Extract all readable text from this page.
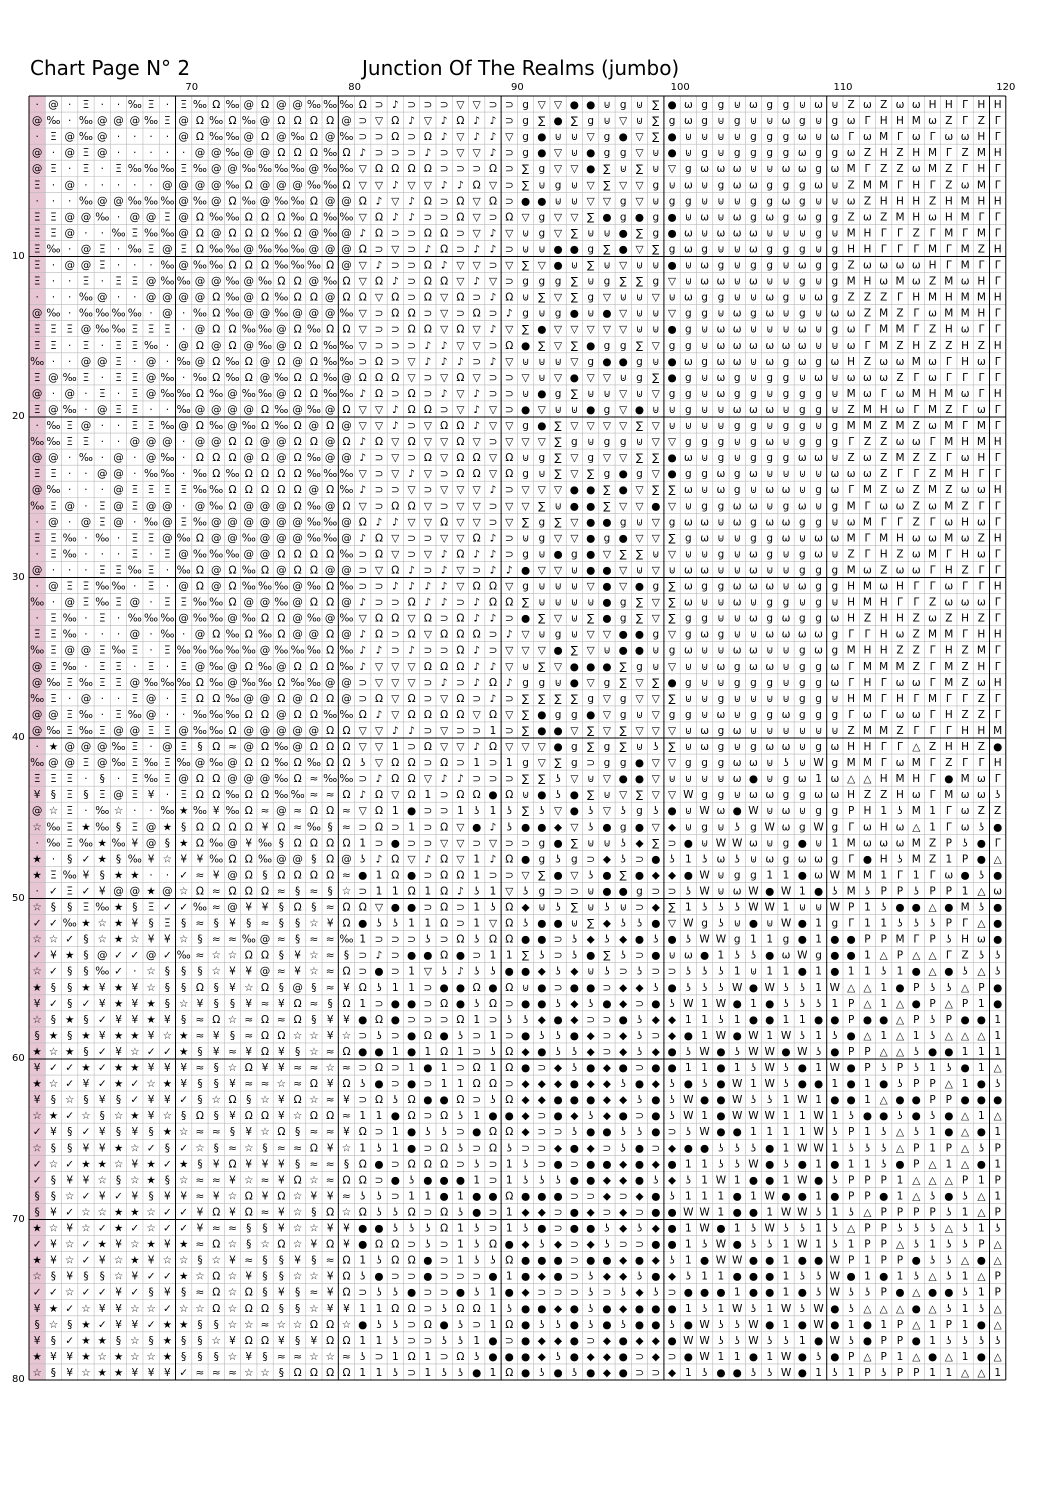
Chart Page N° 2	Junction Of The Realms (jumbo)
70	80	90	100	110	120
10
20
30
40
50
60
70
80
· @ · Ξ · · ‰ Ξ · Ξ ‰ Ω ‰ @ Ω @ @ ‰ ‰ ‰ Ω ⊃ ♪ ⊃ ⊃ ⊃ ▽ ▽ ⊃ ⊃ g ▽ ▽ ● ● ⊍ g ⊍ ∑ ● ω g g ⊍ ω g g ⊍ ω ⊍ Z ω Z ω ω H H Γ H H
@ ‰ · ‰ @ @ @ ‰ Ξ @ Ω ‰ Ω ‰ @ Ω Ω Ω Ω @ ⊃ ▽ Ω ♪ ▽ ♪ Ω ♪ ♪ ⊃ g ∑ ● ∑ g ⊍ ▽ ⊍ ∑ g ω g ⊍ g ⊍ ⊍ ω g ⊍ g ω Γ H H M ω Z Γ Z Γ
· Ξ @ ‰ @ · · · · @ Ω ‰ ‰ @ Ω @ ‰ Ω @ ‰ ⊃ ⊃ Ω ⊃ Ω ♪ ▽ ♪ ♪ ▽ g ● ⊍ ⊍ ▽ g ● ▽ ∑ ● ⊍ ⊍ ⊍ ⊍ g g g ω ⊍ ω Γ ω M Γ ω Γ ω ω H Γ
@ · @ Ξ @ · · · · · @ @ ‰ @ @ Ω Ω Ω ‰ Ω ♪ ⊃ ⊃ ⊃ ♪ ⊃ ▽ ▽ ♪ ⊃ g ● ▽ ⊍ ● g g ▽ ⊍ ● ⊍ g ⊍ g g g g ω g g ω Z H Z H M Γ Z M H
@ Ξ · Ξ · Ξ ‰ ‰ ‰ Ξ ‰ @ @ ‰ ‰ ‰ ‰ @ ‰ ‰ ▽ Ω Ω Ω Ω ⊃ ⊃ ⊃ Ω ⊃ ∑ g ▽ ▽ ● ∑ ⊍ ∑ ⊍ ▽ g ω ω ω ⊍ ⊍ ω ω g ω M Γ Z Z ω M Z Γ H Γ
Ξ · @ · · · · · @ @ @ @ ‰ Ω @ @ @ ‰ ‰ Ω ▽ ▽ ♪ ▽ ▽ ♪ ♪ Ω ▽ ⊃ ∑ ⊍ g ⊍ ▽ ∑ ▽ ▽ g ⊍ ω ⊍ g ω ω g g g ω ⊍ Z M M Γ H Γ Z ω M Γ
· · · ‰ @ @ ‰ ‰ ‰ @ ‰ @ Ω ‰ @ ‰ ‰ Ω @ @ Ω ♪ ▽ ♪ Ω ⊃ Ω ▽ Ω ⊃ ● ● ⊍ ⊍ ▽ ▽ g ▽ ⊍ g g ⊍ ⊍ ⊍ g g ω g ⊍ ⊍ ω Z H H H Z H M H H
Ξ Ξ @ @ ‰ · @ @ Ξ @ Ω ‰ ‰ Ω Ω Ω ‰ Ω ‰ ‰ ▽ Ω ♪ ♪ ⊃ ⊃ Ω ▽ ⊃ Ω ▽ g ▽ ▽ ∑ ● g ● g ● ⊍ ω ⊍ ω g ω g ω g g Z ω Z M H ω H M Γ Γ
Ξ Ξ @ · · ‰ Ξ ‰ ‰ @ Ω @ Ω Ω Ω ‰ Ω @ ‰ @ ♪ Ω ⊃ ⊃ Ω Ω ⊃ ▽ ♪ ▽ ⊍ g ▽ ∑ ⊍ ⊍ ● ∑ g ● ω ⊍ ω ω ω ⊍ ⊍ ⊍ g ⊍ M H Γ Γ Z Γ M Γ M Γ
Ξ ‰ · @ Ξ · ‰ Ξ @ Ξ Ω ‰ ‰ @ ‰ ‰ ‰ @ @ @ Ω ⊃ ▽ ⊃ ♪ Ω ⊃ ♪ ♪ ⊃ ⊍ ⊍ ● ● g ∑ ● ▽ ∑ g ω g ⊍ ⊍ ω g g g ⊍ g H H Γ Γ Γ M Γ M Z H
Ξ · @ @ Ξ · · · ‰ @ ‰ ‰ Ω Ω Ω ‰ ‰ ‰ Ω @ ▽ ♪ ⊃ ⊃ Ω ♪ ▽ ▽ ⊃ ▽ ∑ ▽ ● ⊍ ∑ ⊍ ▽ ⊍ ⊍ ● ⊍ ω g ⊍ g g ⊍ ω g g Z ω ω ω ω H Γ M Γ Γ
Ξ · · Ξ · Ξ Ξ @ ‰ ‰ @ @ ‰ @ ‰ Ω Ω @ ‰ Ω ▽ Ω ♪ ⊃ Ω Ω ▽ ♪ ▽ ⊃ g g g ∑ ⊍ g ∑ ∑ g ▽ ⊍ ω ω ⊍ ω ⊍ ⊍ g ⊍ g M H ω M ω Z M ω H Γ
· · · ‰ @ · · @ @ @ @ Ω ‰ @ Ω ‰ Ω Ω @ Ω Ω ▽ Ω ⊃ Ω ▽ Ω ⊃ ♪ Ω ⊍ ∑ ▽ ∑ g ▽ ⊍ ⊍ ▽ ⊍ ω g g ⊍ ⊍ ω g ⊍ ω g Z Z Z Γ H M H M M H
@ ‰ · ‰ ‰ ‰ ‰ · @ · ‰ Ω ‰ @ @ ‰ @ @ @ ‰ ▽ ⊃ Ω Ω ⊃ ▽ ⊃ Ω ⊃ ♪ g ⊍ g ● ⊍ ● ▽ ⊍ ⊍ ▽ g g ⊍ ω g ω ⊍ g ⊍ ω ω Z M Z Γ ω M M H Γ
Ξ Ξ Ξ @ ‰ ‰ Ξ Ξ Ξ · @ Ω Ω ‰ ‰ @ Ω ‰ Ω Ω ▽ ⊃ ⊃ Ω Ω ▽ Ω ▽ ♪ ▽ ∑ ● ▽ ▽ ▽ ▽ ▽ ⊍ ⊍ ● g ⊍ ω ω ⊍ ⊍ ⊍ ω ⊍ g ω Γ M M Γ Z H ω Γ Γ
Ξ Ξ · Ξ · Ξ Ξ ‰ · @ Ω @ Ω @ ‰ @ Ω Ω ‰ ‰ ▽ ⊃ ⊃ ⊃ ♪ ♪ ▽ ▽ ⊃ Ω ● ∑ ▽ ∑ ● g g ∑ ▽ g g ⊍ ω ω ω ω ω ω ⊍ ⊍ ω Γ M Z H Z Z H Z H
‰ · · @ @ Ξ · @ · ‰ @ Ω ‰ Ω @ Ω @ Ω ‰ ‰ ⊃ Ω ⊃ ▽ ♪ ♪ ♪ ⊃ ♪ ▽ ⊍ ⊍ ⊍ ▽ g ● ● g ⊍ ● ω g ω ω ⊍ ω g ω g ω H Z ω ω M ω Γ H ω Γ
Ξ @ ‰ Ξ · Ξ Ξ @ ‰ · ‰ Ω ‰ Ω @ ‰ Ω Ω ‰ @ Ω Ω Ω ▽ ⊃ ▽ Ω ▽ ⊃ ⊃ ▽ ⊍ ▽ ● ▽ ▽ ⊍ g ∑ ● g ⊍ ω g ⊍ g g ⊍ ω ⊍ ω ω ω Z Γ ω Γ Γ Γ Γ
@ · @ · Ξ · Ξ @ ‰ ‰ Ω ‰ @ ‰ ‰ @ Ω Ω ‰ ‰ ♪ Ω ⊃ Ω ⊃ ♪ ▽ ♪ ⊃ ⊃ ⊍ ● g ∑ ⊍ ⊍ ▽ ⊍ ▽ g g ⊍ ω g g ⊍ g g g ⊍ M ω Γ ω M H M ω Γ H
Ξ @ ‰ · @ Ξ Ξ · · ‰ @ @ @ @ Ω ‰ @ ‰ @ Ω ▽ ▽ ♪ Ω Ω ⊃ ▽ ♪ ▽ ⊃ ● ▽ ⊍ ⊍ ● g ▽ ● ⊍ ⊍ g ⊍ ⊍ ω ω ω ⊍ g g ⊍ Z M H ω Γ M Z Γ ω Γ
· ‰ Ξ @ · · Ξ Ξ ‰ @ Ω ‰ @ ‰ Ω ‰ Ω @ Ω @ ▽ ▽ ♪ ⊃ ▽ Ω Ω ♪ ▽ ▽ g ● ∑ ▽ ▽ ▽ ▽ ∑ ▽ ⊍ ⊍ ⊍ ⊍ g g ⊍ g g ⊍ g M M Z M Z ω M Γ M Γ
‰ ‰ Ξ Ξ · · @ @ @ · @ @ Ω Ω @ @ Ω Ω @ Ω ♪ Ω ▽ Ω ▽ ▽ Ω ▽ ⊃ ▽ ▽ ▽ ∑ g ⊍ g g ⊍ ▽ ▽ g g g ⊍ g ω ⊍ g g g Γ Z Z ω ω Γ M H M H
@ @ · ‰ · @ · @ ‰ · Ω Ω Ω @ Ω @ Ω ‰ @ @ ♪ ⊃ ▽ ⊃ Ω ▽ Ω Ω ▽ Ω ⊍ g ∑ ▽ g ▽ ▽ ∑ ∑ ● ω ⊍ g ⊍ g g g ω ω ⊍ Z ω Z M Z Z Γ ω H Γ
Ξ Ξ · · @ @ · ‰ ‰ · ‰ Ω ‰ Ω Ω Ω Ω ‰ ‰ ‰ ▽ ⊃ ▽ ♪ ▽ ⊃ Ω Ω ▽ Ω g ⊍ ∑ ▽ ∑ g ● g ▽ ● g g ω g ω ⊍ ⊍ ⊍ ⊍ ω ω ω Z Γ Γ Z M H Γ Γ
@ ‰ · · · @ Ξ Ξ Ξ Ξ ‰ ‰ Ω Ω Ω Ω Ω @ Ω ‰ ♪ ⊃ ⊃ ▽ ⊃ ▽ ▽ ▽ ♪ ⊃ ▽ ▽ ▽ ● ● ∑ ● ▽ ∑ ∑ ω ⊍ ω g ⊍ ω ω ⊍ g ω Γ M Z ω Z M Z ω ω H
‰ Ξ @ · Ξ @ Ξ @ @ · @ ‰ Ω @ @ @ Ω ‰ @ Ω ▽ ⊃ Ω Ω ▽ ⊃ ▽ ▽ ⊃ ▽ ▽ ∑ ⊍ ● ● ∑ ▽ ▽ ● ▽ ⊍ g g ω ω ⊍ g ω ⊍ g M Γ ω ω Z ω M Z Γ Γ
· @ · @ Ξ @ · ‰ @ Ξ ‰ @ @ @ @ @ @ ‰ ‰ @ Ω ♪ ♪ ▽ ▽ Ω ▽ ▽ ⊃ ▽ ∑ g ∑ ▽ ● ● g ⊍ ▽ g ω ω ⊍ ω g ω ω g g ⊍ ω M Γ Γ Z Γ ω H ω Γ
Ξ Ξ ‰ · ‰ · Ξ Ξ @ ‰ Ω @ @ ‰ @ @ @ ‰ ‰ @ ♪ Ω ▽ ⊃ ⊃ ▽ ▽ Ω ♪ ⊃ ⊍ g ▽ ▽ ● g ● ▽ ▽ ∑ g ω ⊍ ⊍ g g ω ⊍ ω ω M Γ M H ω ω M ω Z H
· Ξ ‰ · · · Ξ · Ξ @ ‰ ‰ ‰ @ @ Ω Ω Ω Ω ‰ ⊃ Ω ▽ ⊃ ▽ ♪ Ω ♪ ♪ ⊃ g ⊍ ● g ● ▽ ∑ ∑ ⊍ ▽ ⊍ ⊍ g ⊍ ω g ⊍ g ω ⊍ Z Γ H Z ω M Γ H ω Γ
@ · · · Ξ Ξ ‰ Ξ · ‰ Ω @ Ω ‰ Ω @ Ω Ω @ @ ⊃ ▽ Ω ♪ ⊃ ♪ ▽ ⊃ ♪ ♪ ● ▽ ▽ ⊍ ● ● ▽ ⊍ ▽ ⊍ ω ω ⊍ ⊍ ω ⊍ ⊍ g g g M ω Z ω ω Γ H Z Γ Γ
· @ Ξ Ξ ‰ ‰ · Ξ · @ Ω @ Ω ‰ ‰ ‰ @ ‰ Ω ‰ ⊃ ⊃ ♪ ♪ ♪ ♪ ▽ Ω Ω ▽ g ⊍ ⊍ ⊍ ▽ ● ▽ ● g ∑ ω g g ω ω ω ⊍ ω g g H M ω H Γ Γ ω Γ Γ H
‰ · @ Ξ ‰ Ξ @ · Ξ Ξ ‰ ‰ Ω @ @ ‰ @ Ω Ω @ ♪ ⊃ ⊃ Ω ♪ ♪ ⊃ ♪ Ω Ω ∑ ⊍ ⊍ ⊍ ⊍ ● g ∑ ▽ ∑ ω ⊍ ⊍ ω ⊍ g g ⊍ g ⊍ H M H Γ Γ Z ω ω ω Γ
· Ξ ‰ · Ξ · ‰ ‰ ‰ @ ‰ ‰ @ ‰ Ω Ω @ ‰ @ ‰ ▽ Ω Ω ▽ Ω ⊃ Ω ♪ ♪ ⊃ ● ∑ ▽ ⊍ ∑ ● g ∑ ▽ ∑ g g ⊍ ⊍ ω g ω g g ω H Z H H Z ω Z H Z Γ
Ξ Ξ ‰ · · · @ · ‰ · @ Ω ‰ Ω ‰ Ω @ @ Ω @ ♪ Ω ⊃ Ω ▽ Ω Ω Ω ⊃ ♪ ▽ ⊍ g ⊍ ▽ ▽ ● ● g ▽ g ω g ⊍ ⊍ ω ω ω ω g Γ Γ H ω Z M M Γ H H
‰ Ξ @ @ Ξ ‰ Ξ · Ξ ‰ ‰ ‰ ‰ ‰ @ ‰ ‰ ‰ Ω ‰ ♪ ♪ ⊃ ♪ ⊃ ⊃ Ω ♪ ⊃ ▽ ▽ ▽ ● ∑ ▽ ⊍ ● ● ⊍ g ω ⊍ ⊍ ω ω ⊍ ⊍ g ω g M H H Z Z Γ H Z M Γ
@ Ξ ‰ · Ξ Ξ · Ξ · Ξ @ ‰ @ Ω ‰ @ Ω Ω Ω ‰ ♪ ▽ ▽ ▽ Ω Ω Ω ♪ ♪ ▽ ⊍ ∑ ▽ ● ● ● ∑ g ⊍ ▽ ⊍ ⊍ ω g ω ω ⊍ g g ω Γ M M M Z Γ M Z H Γ
@ ‰ Ξ ‰ Ξ Ξ @ ‰ ‰ ‰ Ω ‰ @ ‰ ‰ Ω ‰ ‰ @ @ ⊃ ▽ ▽ ▽ ⊃ ♪ ⊃ ♪ Ω ♪ g g ⊍ ● ▽ g ∑ ▽ ∑ ● g ⊍ ⊍ g g g ⊍ g g ω Γ H Γ ω ω Γ M Z ω H
‰ Ξ · @ · · Ξ @ · Ξ Ω Ω ‰ @ @ Ω @ Ω Ω @ ⊃ Ω ▽ Ω ⊃ ▽ Ω ⊃ ♪ ⊃ ∑ ∑ ∑ ∑ g ▽ g ▽ ▽ ∑ ⊍ ⊍ g ⊍ ⊍ ⊍ ⊍ g g ⊍ H M Γ H Γ M Γ Γ Z Γ
@ @ Ξ ‰ · Ξ ‰ @ · · ‰ ‰ ‰ Ω Ω @ Ω Ω ‰ ‰ Ω ♪ ▽ Ω Ω Ω Ω ▽ Ω ▽ ∑ ● g g ● ▽ g ⊍ ▽ g g ⊍ ω ⊍ g g ω g g g Γ ω Γ ω ω Γ H Z Z Γ
@ ‰ Ξ ‰ Ξ @ @ Ξ Ξ @ ‰ ‰ Ω @ @ @ @ @ Ω Ω ▽ ▽ ♪ ♪ ⊃ ▽ ⊃ ⊃ 1 ⊃ ∑ ● ● ▽ ∑ ▽ ∑ ▽ ▽ ▽ ⊍ ω g ω ⊍ ⊍ ⊍ ⊍ ⊍ ⊍ Z M M Z Γ Γ Γ H H M
· ★ @ @ @ ‰ Ξ · @ Ξ § Ω ≈ @ Ω ‰ @ Ω Ω Ω ▽ ▽ 1 ⊃ Ω ▽ ▽ ♪ Ω ▽ ▽ ▽ ● g ∑ g ∑ ⊍ ʖ ∑ ⊍ ω g ⊍ g ω ω ⊍ g ω H H Γ Γ △ Z H H Z ●
‰ @ @ Ξ @ ‰ Ξ ‰ Ξ ‰ @ ‰ @ Ω Ω ‰ Ω ‰ Ω Ω ʖ ▽ Ω Ω ⊃ Ω ⊃ 1 ⊃ 1 g ▽ ∑ g ⊃ g g ● ▽ ▽ g g g ω ω ⊍ ʖ ⊍ W g M M Γ ω M Γ Z Γ Γ H
Ξ Ξ Ξ · § · Ξ ‰ Ξ @ Ω Ω @ @ @ ‰ Ω ≈ ‰ ‰ ⊃ ♪ Ω Ω ▽ ♪ ♪ ⊃ ⊃ ⊃ ∑ ∑ ʖ ▽ ⊍ ▽ ● ● ▽ ⊍ ⊍ ⊍ ⊍ ω ● ⊍ g ω 1 ω △ △ H M H Γ ● M ω Γ
¥ § Ξ § Ξ @ Ξ ¥ · Ξ Ω Ω ‰ Ω Ω ‰ ‰ ≈ ≈ Ω ♪ Ω ▽ Ω 1 ⊃ Ω Ω ● Ω ⊍ ● ʖ ● ∑ ⊍ ▽ ∑ ▽ ▽ W g g ⊍ ω ω g g ω ω H Z Z H ω Γ M ω ω ʖ
@ ☆ Ξ · ‰ ☆ · · ‰ ★ ‰ ¥ ‰ Ω ≈ @ ≈ Ω Ω ≈ ▽ Ω 1 ● ⊃ ⊃ 1 ʖ 1 ʖ ∑ ʖ ▽ ● ʖ ▽ ʖ g ʖ ● ⊍ W ω ● W ⊍ ω ⊍ g g P H 1 ʖ M 1 Γ ω Z Z
☆ ‰ Ξ ★ ‰ § Ξ @ ★ § Ω Ω Ω Ω ¥ Ω ≈ ‰ § ≈ ⊃ Ω ⊃ 1 ⊃ Ω ▽ ● ♪ ʖ ● ● ◆ ▽ ʖ ● g ● ▽ ◆ ⊍ g ⊍ ʖ g W ω g W g Γ ω H ω △ 1 Γ ω ʖ ●
· ‰ Ξ ‰ ★ ‰ ¥ @ § ★ Ω ‰ @ ¥ ‰ § Ω Ω Ω Ω 1 ⊃ ● ⊃ ⊃ ▽ ▽ ⊃ ▽ ⊃ ⊃ g ● ∑ ⊍ ⊍ ʖ ◆ ∑ ⊃ ● ⊍ W W ω ⊍ g ● ⊍ 1 M ω ω ω M Z P ʖ ● Γ
★ · § ✓ ★ § ‰ ¥ ☆ ¥ ¥ ‰ Ω Ω ‰ @ @ § Ω @ ʖ ♪ Ω ▽ ♪ Ω ▽ 1 ♪ Ω ● g ʖ g ⊃ ◆ ʖ ⊃ ● ʖ 1 ʖ ω ʖ ⊍ ω g ω ω g Γ ● H ʖ M Z 1 P ● △
★ Ξ ‰ ¥ § ★ ★ · · ✓ ≈ ¥ @ Ω § Ω Ω Ω Ω ≈ ● 1 Ω ● ⊃ Ω Ω 1 ⊃ ⊃ ▽ ∑ ● ▽ ʖ ● ∑ ● ◆ ◆ ● W ⊍ g g 1 1 ● ω W M M 1 Γ 1 Γ ω ● ʖ ●
· ✓ Ξ ✓ ¥ @ @ ★ @ ☆ Ω ≈ Ω Ω Ω ≈ § ≈ § ☆ ⊃ 1 1 Ω 1 Ω ♪ ʖ 1 ▽ ʖ g ⊃ ⊃ ⊍ ● ● g ⊃ ⊃ ʖ W ⊍ ω W ● W 1 ● ʖ M ʖ P P ʖ P P 1 △ ω
☆ § § Ξ ‰ ★ § Ξ ✓ ✓ ‰ ≈ @ ¥ ¥ § Ω § ≈ Ω Ω ▽ ● ● ⊃ Ω ⊃ 1 ʖ Ω ◆ ⊍ ʖ ∑ ⊍ ʖ ⊍ ⊃ ◆ ∑ 1 ʖ ʖ ʖ W W 1 ⊍ ⊍ W P 1 ʖ ● ● △ ● M ʖ ●
✓ ✓ ‰ ★ ☆ ★ ¥ § Ξ § ≈ § ¥ § ≈ § § ☆ ¥ Ω ● ʖ ʖ 1 1 Ω ⊃ 1 ▽ Ω ʖ ● ● ⊍ ∑ ◆ ʖ ʖ ● ▽ W g ʖ ⊍ ● ⊍ W ● 1 g Γ 1 1 ʖ ʖ ʖ P Γ △ ●
☆ ☆ ✓ § ☆ ★ ☆ ¥ ¥ ☆ § ≈ ≈ ‰ @ ≈ § ≈ ≈ ‰ 1 ⊃ ⊃ ⊃ ʖ ⊃ Ω ʖ Ω Ω ● ● ⊃ ʖ ◆ ʖ ◆ ● ʖ ● ʖ W W g 1 1 g ● 1 ● ● P P M Γ P ʖ H ω ●
✓ ¥ ★ § @ ✓ ✓ @ ✓ ‰ ≈ ☆ ☆ Ω Ω § ¥ ☆ ≈ § ⊃ ♪ ⊃ ● ● Ω ● ⊃ 1 1 ∑ ʖ ⊃ ʖ ● ∑ ʖ ⊃ ● ⊍ ω ● 1 ʖ ʖ ● ω W g ● ● 1 △ P △ △ Γ Z ʖ ʖ
☆ ✓ § § ‰ ✓ · ☆ § § § ☆ ¥ ¥ @ ≈ ¥ ☆ ≈ Ω ⊃ ● ⊃ 1 ▽ ʖ ♪ ʖ ʖ ● ● ◆ ʖ ◆ ⊍ ʖ ⊃ ʖ ⊃ ⊃ ʖ ʖ ʖ 1 ⊍ 1 1 ● 1 ● 1 1 ʖ 1 ● △ ● ʖ △ ʖ
★ § § ★ ¥ ★ ¥ ☆ § § Ω § ¥ ☆ Ω § @ § ≈ ¥ Ω ʖ 1 1 ⊃ ● ● Ω ● Ω ⊍ ● ⊃ ● ● ⊃ ◆ ◆ ʖ ● ʖ ʖ ʖ W ● W ʖ ʖ 1 W △ △ 1 ● P ʖ ʖ △ P ●
¥ ✓ § ✓ ¥ ★ ¥ ★ § ☆ ¥ § § ¥ ≈ ¥ Ω ≈ § Ω 1 ⊃ ● ● ⊃ Ω ● ʖ Ω ⊃ ● ● ʖ ◆ ʖ ● ◆ ⊃ ● ʖ W 1 W ● 1 ● ʖ ʖ ʖ 1 P △ 1 △ ● P △ P 1 ●
☆ § ★ § ✓ ¥ ¥ ★ ¥ § ≈ Ω ☆ ≈ Ω ≈ Ω § ¥ ¥ ● Ω ● ⊃ ⊃ ⊃ Ω 1 ⊃ ʖ ʖ ◆ ● ◆ ⊃ ⊃ ● ʖ ◆ ◆ 1 1 ʖ 1 ● ● 1 1 ● ● P ● ● △ P ʖ P ● ● 1
§ ★ § ★ ¥ ★ ★ ¥ ☆ ★ ≈ ¥ § ≈ Ω Ω ☆ ☆ ¥ ☆ ⊃ ʖ ⊃ ● Ω ● ʖ ⊃ 1 ⊃ ● ʖ ʖ ● ◆ ⊃ ◆ ʖ ⊃ ◆ ● 1 W ● W 1 W ʖ 1 ʖ ● △ 1 △ 1 ʖ △ △ △ 1
★ ☆ ★ § ✓ ¥ ☆ ✓ ✓ ★ § ¥ ≈ ¥ Ω ¥ § ☆ ≈ Ω ● ● 1 ● 1 Ω 1 ⊃ ʖ Ω ◆ ● ʖ ʖ ◆ ⊃ ◆ ʖ ◆ ● ʖ W ● ʖ W W ● W ʖ ● P P △ △ ʖ ● ● 1 1 1
¥ ✓ ✓ ★ ✓ ★ ★ ¥ ¥ ¥ ≈ § ☆ Ω ¥ ¥ ≈ ≈ ☆ ≈ ⊃ Ω ⊃ 1 ● 1 ⊃ Ω 1 Ω ● ⊃ ◆ ʖ ● ◆ ● ⊃ ● ● 1 1 ● 1 ʖ W ʖ ● 1 W ● P ʖ P ʖ 1 ʖ ● 1 △
★ ☆ ✓ ¥ ✓ ★ ✓ ☆ ★ ¥ § § ¥ ≈ ≈ ☆ ≈ Ω ¥ Ω ʖ ● ⊃ ● ⊃ 1 1 Ω Ω ⊃ ◆ ◆ ◆ ● ◆ ◆ ʖ ● ◆ ʖ ● ʖ ● W 1 W ʖ ● ● 1 ● 1 ● ʖ P P △ 1 ● ʖ
¥ § ☆ § ¥ § ✓ ¥ ¥ ✓ § ☆ Ω § ☆ ¥ Ω ☆ ≈ ¥ ⊃ Ω ʖ Ω ● ● Ω ⊃ ʖ Ω ◆ ◆ ● ● ● ◆ ◆ ʖ ● ʖ W ● ● W ʖ ʖ 1 W 1 ● ● 1 △ ● ● P P ● ● ●
☆ ★ ✓ ☆ § ☆ ★ ¥ ☆ § Ω § ¥ Ω Ω ¥ ☆ Ω Ω ≈ 1 1 ● Ω ⊃ Ω ʖ 1 ● ● ◆ ⊃ ● ◆ ʖ ◆ ● ⊃ ● ʖ W 1 ● W W W 1 1 W 1 ʖ ● ● ʖ ● ʖ ● △ 1 △
✓ ¥ § ✓ ¥ § ¥ § ★ ☆ ≈ ≈ § ¥ ☆ Ω § ≈ ≈ ¥ Ω ⊃ 1 ● ʖ ʖ ⊃ ● Ω Ω ◆ ⊃ ⊃ ʖ ● ● ʖ ʖ ● ⊃ ʖ W ● ● 1 1 1 1 W ʖ P 1 ʖ △ ʖ 1 ● △ ● 1
☆ § § ¥ ¥ ★ ☆ ✓ § ✓ ☆ § ≈ ☆ § ≈ ≈ Ω ¥ ☆ 1 ʖ 1 ● ⊃ Ω ʖ ⊃ Ω ʖ ⊃ ⊃ ◆ ● ◆ ⊃ ʖ ● ⊃ ◆ ● ● ʖ ʖ ʖ ● 1 W W 1 ʖ ʖ ʖ △ P 1 P △ ʖ P
✓ ☆ ✓ ★ ★ ☆ ¥ ★ ✓ ★ § ¥ Ω ¥ ¥ ¥ § ≈ ≈ § Ω ● ⊃ Ω Ω Ω ⊃ ʖ ⊃ 1 ʖ ⊃ ● ⊃ ● ● ◆ ● ◆ ● 1 1 ʖ ʖ W ● ʖ ● 1 ● 1 1 ʖ ● P △ 1 △ ● 1
✓ § ¥ ¥ ☆ § ☆ ★ § ☆ ≈ ≈ ¥ ☆ ≈ ¥ Ω ☆ ≈ Ω Ω ⊃ ● ʖ ● ● ● 1 ⊃ 1 ʖ ʖ ʖ ● ● ◆ ◆ ● ʖ ◆ ʖ 1 W 1 ● ● 1 W ● ʖ P P P 1 △ △ △ P 1 P
§ § ☆ ✓ ¥ ✓ ¥ § ¥ ¥ ≈ ¥ ☆ Ω ¥ Ω ☆ ¥ ¥ ≈ ʖ ʖ ⊃ 1 1 ● 1 ● ● Ω ● ● ● ⊃ ⊃ ◆ ⊃ ◆ ● ʖ 1 1 1 ● 1 W ● ● 1 ● P P ● 1 △ ʖ ● ʖ △ 1
§ ¥ ✓ ☆ ☆ ★ ★ ☆ ✓ ✓ ¥ Ω ¥ Ω ≈ ¥ ☆ § Ω ☆ Ω ʖ ʖ Ω ⊃ Ω ʖ ● ⊃ 1 ◆ ◆ ⊃ ● ◆ ⊃ ◆ ⊃ ● ● W W 1 ● ● 1 W W ʖ 1 ʖ △ P P P P ʖ 1 △ P
★ ☆ ¥ ☆ ✓ ★ ✓ ☆ ✓ ✓ ¥ ≈ ≈ § § ¥ ☆ ☆ ¥ ¥ ● ● ʖ ʖ ʖ Ω 1 ʖ ⊃ 1 ʖ ● ⊃ ● ● ʖ ◆ ʖ ◆ ● 1 W ● 1 ʖ W ʖ ʖ 1 ʖ △ P P ʖ ʖ ʖ △ ʖ 1 ʖ
✓ ¥ ☆ ✓ ★ ¥ ☆ ★ ¥ ★ ≈ Ω ☆ § ☆ Ω ☆ ¥ Ω ¥ ● Ω Ω ⊃ ʖ ⊃ 1 ʖ Ω ● ◆ ʖ ◆ ⊃ ◆ ʖ ⊃ ⊃ ● ● 1 ʖ W ● ʖ ʖ 1 W 1 ʖ 1 P P △ ʖ 1 ʖ ʖ P △
★ ¥ ☆ ✓ ¥ ☆ ★ ¥ ☆ ☆ § ☆ ¥ ≈ § § ¥ § ≈ Ω 1 ʖ Ω Ω ● ⊃ 1 ʖ ʖ Ω ● ● ● ⊃ ● ● ◆ ● ◆ ʖ 1 ● W W ● ● 1 ● ● W P 1 P P ● ʖ ʖ △ ● △
☆ § ¥ § § ☆ ¥ ✓ ✓ ★ ☆ Ω ☆ ¥ § § ☆ ☆ ¥ Ω ʖ ● ⊃ ⊃ ● ⊃ ⊃ ⊃ ● 1 ● ◆ ● ⊃ ʖ ◆ ◆ ʖ ● ◆ ʖ 1 1 ● ● ● 1 ʖ ʖ W ● 1 ● 1 ʖ △ ʖ 1 △ P
✓ ✓ ☆ ✓ ✓ ¥ ✓ § ¥ § ≈ Ω ☆ Ω § ¥ § ≈ ¥ Ω ⊃ ʖ ʖ ● ⊃ ⊃ ● ʖ 1 ● ◆ ⊃ ⊃ ⊃ ʖ ⊃ ʖ ◆ ʖ ⊃ ● ● ● 1 ● ● 1 ● ʖ W ʖ ʖ P ● △ ● ● ʖ 1 P
¥ ★ ✓ ☆ ¥ ¥ ☆ ☆ ✓ ☆ ☆ Ω ☆ Ω Ω § § ☆ ¥ ¥ 1 1 Ω Ω ⊃ ʖ Ω Ω 1 ʖ ● ● ◆ ● ʖ ● ◆ ● ● ● 1 ʖ 1 W ʖ 1 W ʖ W ● ʖ △ △ △ ● △ ʖ 1 ʖ △
§ ☆ § ★ ✓ ¥ ¥ ✓ ★ ★ § § ☆ ☆ ≈ ☆ ☆ Ω Ω ☆ ● ʖ ʖ ⊃ Ω ● ʖ ⊃ 1 Ω ● ʖ ʖ ● ʖ ● ʖ ● ● ʖ ● W ʖ ʖ W ● 1 ● W ● 1 ● 1 P △ 1 P 1 ● △
¥ § ✓ ★ ★ § ☆ § ★ § § ☆ ¥ Ω Ω ¥ § ¥ Ω Ω 1 1 ʖ ⊃ ⊃ ʖ ʖ 1 ● ⊃ ● ◆ ◆ ● ⊃ ◆ ● ◆ ◆ ● W W ʖ ʖ W ʖ ʖ 1 ● W ʖ ● P P ● 1 ʖ ʖ ʖ ʖ
★ ¥ ¥ ★ ☆ ★ ☆ ☆ ★ § § § ☆ ¥ § ≈ ≈ ☆ ☆ ≈ ʖ ⊃ 1 Ω 1 ⊃ Ω ʖ ● ● ● ◆ ʖ ● ◆ ◆ ● ⊃ ◆ ⊃ ● W 1 1 ● 1 W ● ʖ ● P △ P 1 △ ● △ 1 ● △
☆ § ¥ ☆ ★ ★ ¥ ¥ ¥ ✓ ≈ ≈ ≈ ☆ ☆ § Ω Ω Ω Ω 1 1 ʖ ⊃ 1 ʖ ʖ ● 1 Ω ● ʖ ● ʖ ● ◆ ● ⊃ ⊃ ◆ 1 ʖ ● ● ʖ ʖ W ● 1 ʖ 1 P ʖ P P 1 1 △ △ 1
